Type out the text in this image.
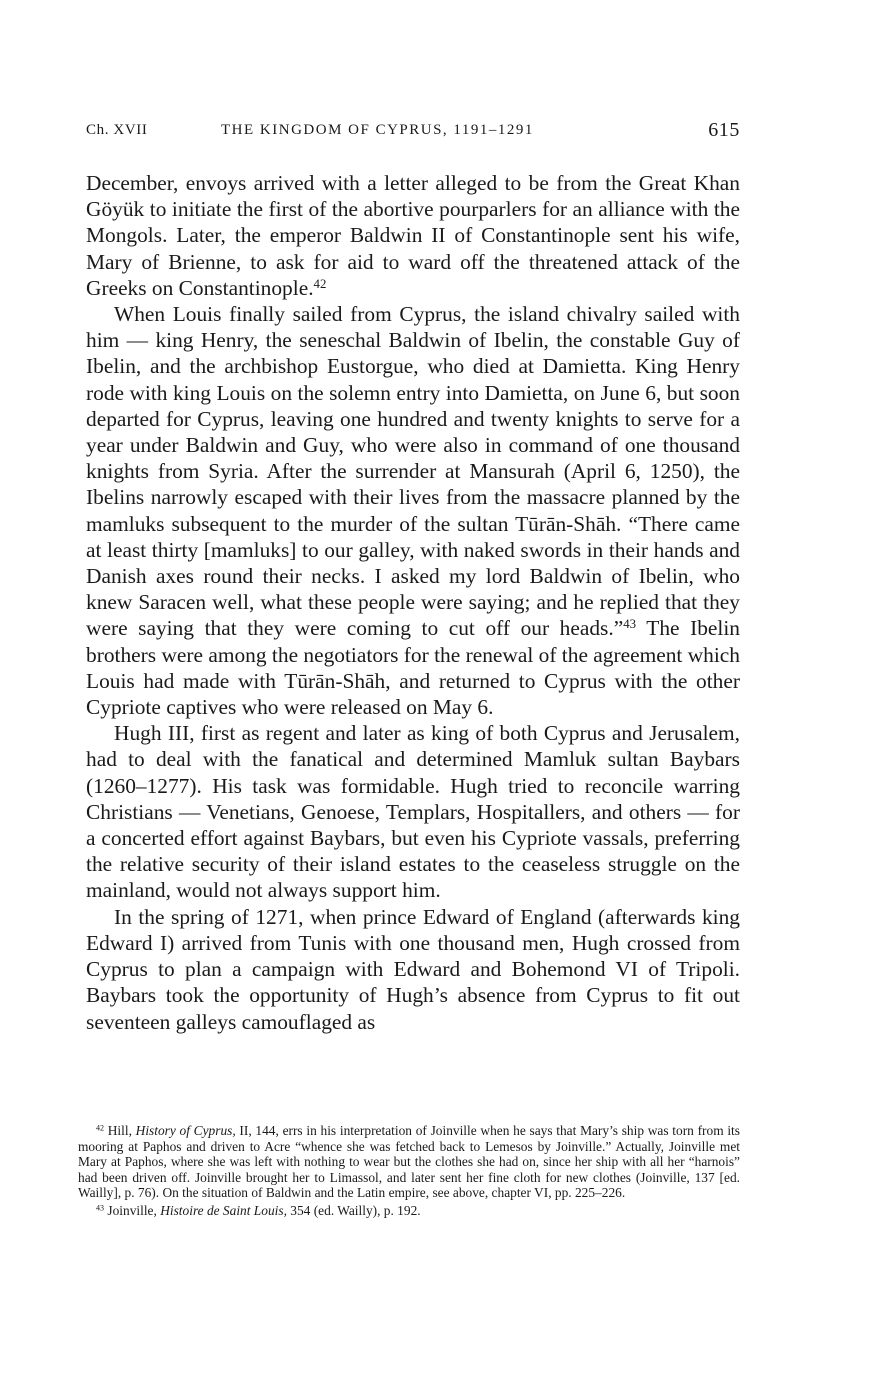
Ch. XVII	THE KINGDOM OF CYPRUS, 1191–1291	615

December, envoys arrived with a letter alleged to be from the Great Khan Göyük to initiate the first of the abortive pourparlers for an alliance with the Mongols. Later, the emperor Baldwin II of Constantinople sent his wife, Mary of Brienne, to ask for aid to ward off the threatened attack of the Greeks on Constantinople.$^{42}$

When Louis finally sailed from Cyprus, the island chivalry sailed with him — king Henry, the seneschal Baldwin of Ibelin, the constable Guy of Ibelin, and the archbishop Eustorgue, who died at Damietta. King Henry rode with king Louis on the solemn entry into Damietta, on June 6, but soon departed for Cyprus, leaving one hundred and twenty knights to serve for a year under Baldwin and Guy, who were also in command of one thousand knights from Syria. After the surrender at Mansurah (April 6, 1250), the Ibelins narrowly escaped with their lives from the massacre planned by the mamluks subsequent to the murder of the sultan Tūrān-Shāh. “There came at least thirty [mamluks] to our galley, with naked swords in their hands and Danish axes round their necks. I asked my lord Baldwin of Ibelin, who knew Saracen well, what these people were saying; and he replied that they were saying that they were coming to cut off our heads.”$^{43}$ The Ibelin brothers were among the negotiators for the renewal of the agreement which Louis had made with Tūrān-Shāh, and returned to Cyprus with the other Cypriote captives who were released on May 6.

Hugh III, first as regent and later as king of both Cyprus and Jerusalem, had to deal with the fanatical and determined Mamluk sultan Baybars (1260–1277). His task was formidable. Hugh tried to reconcile warring Christians — Venetians, Genoese, Templars, Hospitallers, and others — for a concerted effort against Baybars, but even his Cypriote vassals, preferring the relative security of their island estates to the ceaseless struggle on the mainland, would not always support him.

In the spring of 1271, when prince Edward of England (afterwards king Edward I) arrived from Tunis with one thousand men, Hugh crossed from Cyprus to plan a campaign with Edward and Bohemond VI of Tripoli. Baybars took the opportunity of Hugh’s absence from Cyprus to fit out seventeen galleys camouflaged as

$^{42}$ Hill, History of Cyprus, II, 144, errs in his interpretation of Joinville when he says that Mary’s ship was torn from its mooring at Paphos and driven to Acre “whence she was fetched back to Lemesos by Joinville.” Actually, Joinville met Mary at Paphos, where she was left with nothing to wear but the clothes she had on, since her ship with all her “harnois” had been driven off. Joinville brought her to Limassol, and later sent her fine cloth for new clothes (Joinville, 137 [ed. Wailly], p. 76). On the situation of Baldwin and the Latin empire, see above, chapter VI, pp. 225–226.

$^{43}$ Joinville, Histoire de Saint Louis, 354 (ed. Wailly), p. 192.
